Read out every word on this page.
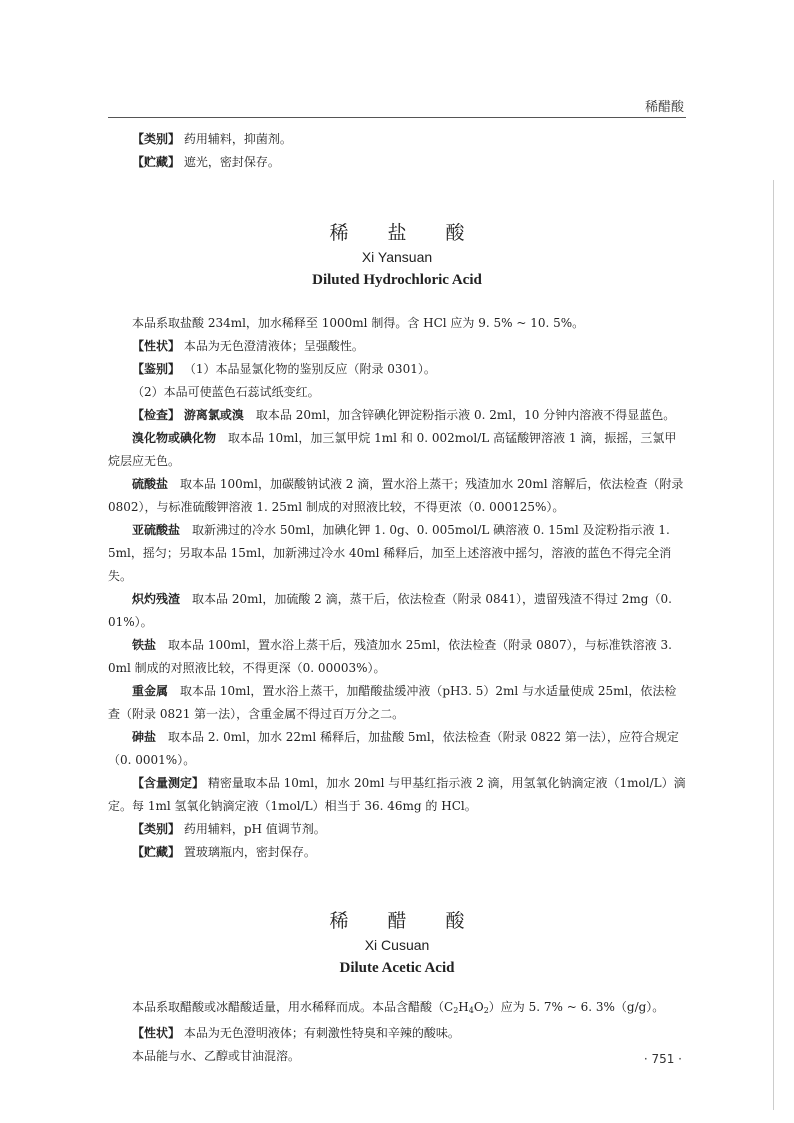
稀醋酸

【类别】 药用辅料，抑菌剂。

【贮藏】 遮光，密封保存。

稀　盐　酸
Xi Yansuan
Diluted Hydrochloric Acid

本品系取盐酸 234ml，加水稀释至 1000ml 制得。含 HCl 应为 9. 5% ~ 10. 5%。

【性状】 本品为无色澄清液体；呈强酸性。

【鉴别】 （1）本品显氯化物的鉴别反应（附录 0301）。

（2）本品可使蓝色石蕊试纸变红。

【检查】 游离氯或溴　 取本品 20ml，加含锌碘化钾淀粉指示液 0. 2ml，10 分钟内溶液不得显蓝色。

溴化物或碘化物　 取本品 10ml，加三氯甲烷 1ml 和 0. 002mol/L 高锰酸钾溶液 1 滴，振摇，三氯甲烷层应无色。

硫酸盐　 取本品 100ml，加碳酸钠试液 2 滴，置水浴上蒸干；残渣加水 20ml 溶解后，依法检查（附录 0802），与标准硫酸钾溶液 1. 25ml 制成的对照液比较，不得更浓（0. 000125%）。

亚硫酸盐　 取新沸过的冷水 50ml，加碘化钾 1. 0g、0. 005mol/L 碘溶液 0. 15ml 及淀粉指示液 1. 5ml，摇匀；另取本品 15ml，加新沸过冷水 40ml 稀释后，加至上述溶液中摇匀，溶液的蓝色不得完全消失。

炽灼残渣　 取本品 20ml，加硫酸 2 滴，蒸干后，依法检查（附录 0841），遗留残渣不得过 2mg（0. 01%）。

铁盐　 取本品 100ml，置水浴上蒸干后，残渣加水 25ml，依法检查（附录 0807），与标准铁溶液 3. 0ml 制成的对照液比较，不得更深（0. 00003%）。

重金属　 取本品 10ml，置水浴上蒸干，加醋酸盐缓冲液（pH3. 5）2ml 与水适量使成 25ml，依法检查（附录 0821 第一法），含重金属不得过百万分之二。

砷盐　 取本品 2. 0ml，加水 22ml 稀释后，加盐酸 5ml，依法检查（附录 0822 第一法），应符合规定（0. 0001%）。

【含量测定】 精密量取本品 10ml，加水 20ml 与甲基红指示液 2 滴，用氢氧化钠滴定液（1mol/L）滴定。每 1ml 氢氧化钠滴定液（1mol/L）相当于 36. 46mg 的 HCl。

【类别】 药用辅料，pH 值调节剂。

【贮藏】 置玻璃瓶内，密封保存。

稀　醋　酸
Xi Cusuan
Dilute Acetic Acid

本品系取醋酸或冰醋酸适量，用水稀释而成。本品含醋酸（C2H4O2）应为 5. 7% ~ 6. 3%（g/g）。

【性状】 本品为无色澄明液体；有刺激性特臭和辛辣的酸味。

本品能与水、乙醇或甘油混溶。	· 751 ·
